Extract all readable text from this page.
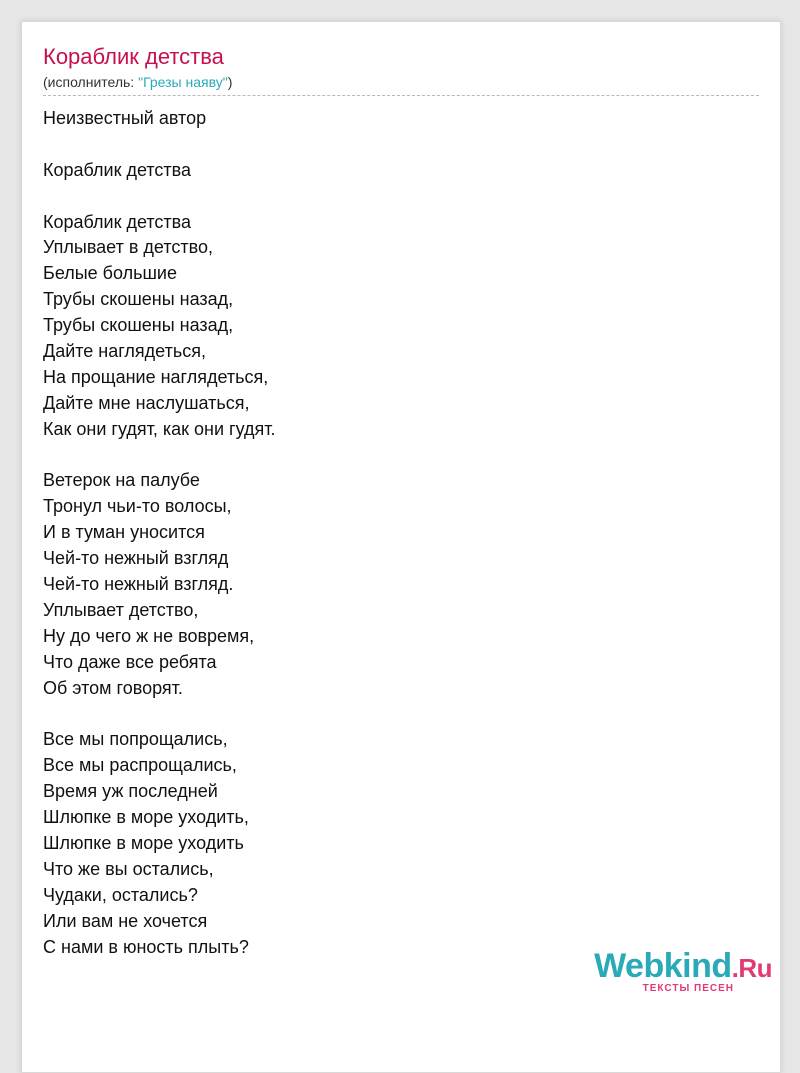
Кораблик детства
(исполнитель: "Грезы наяву")
Неизвестный автор
Кораблик детства
Кораблик детства
Уплывает в детство,
Белые большие
Трубы скошены назад,
Трубы скошены назад,
Дайте наглядеться,
На прощание наглядеться,
Дайте мне наслушаться,
Как они гудят, как они гудят.
Ветерок на палубе
Тронул чьи-то волосы,
И в туман уносится
Чей-то нежный взгляд
Чей-то нежный взгляд.
Уплывает детство,
Ну до чего ж не вовремя,
Что даже все ребята
Об этом говорят.
Все мы попрощались,
Все мы распрощались,
Время уж последней
Шлюпке в море уходить,
Шлюпке в море уходить
Что же вы остались,
Чудаки, остались?
Или вам не хочется
С нами в юность плыть?
Webkind.Ru
ТЕКСТЫ ПЕСЕН
